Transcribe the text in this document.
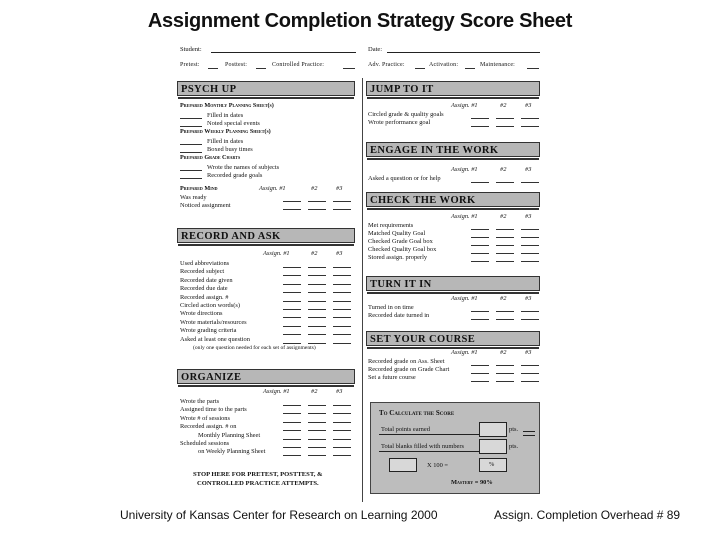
Assignment Completion Strategy Score Sheet
Student:	Date:
Pretest:	Posttest:	Controlled Practice:	Adv. Practice:	Activation:	Maintenance:
PSYCH UP
Prepared Monthly Planning Sheet(s)
Filled in dates
Noted special events
Prepared Weekly Planning Sheet(s)
Filled in dates
Boxed busy times
Prepared Grade Charts
Wrote the names of subjects
Recorded grade goals
Prepared Mind	Assign. #1	#2	#3
Was ready
Noticed assignment
RECORD AND ASK
Assign. #1	#2	#3
Used abbreviations
Recorded subject
Recorded date given
Recorded due date
Recorded assign. #
Circled action words(s)
Wrote directions
Wrote materials/resources
Wrote grading criteria
Asked at least one question
(only one question needed for each set of assignments)
ORGANIZE
Assign. #1	#2	#3
Wrote the parts
Assigned time to the parts
Wrote # of sessions
Recorded assign. # on
Monthly Planning Sheet
Scheduled sessions
on Weekly Planning Sheet
STOP HERE FOR PRETEST, POSTTEST, &
CONTROLLED PRACTICE ATTEMPTS.
JUMP TO IT
Assign. #1	#2	#3
Circled grade & quality goals
Wrote performance goal
ENGAGE IN THE WORK
Assign. #1	#2	#3
Asked a question or for help
CHECK THE WORK
Assign. #1	#2	#3
Met requirements
Matched Quality Goal
Checked Grade Goal box
Checked Quality Goal box
Stored assign. properly
TURN IT IN
Assign. #1	#2	#3
Turned in on time
Recorded date turned in
SET YOUR COURSE
Assign. #1	#2	#3
Recorded grade on Ass. Sheet
Recorded grade on Grade Chart
Set a future course
To Calculate the Score
Total points earned	pts.
Total blanks filled with numbers	pts.
X 100 =	%
Mastery = 90%
University of Kansas Center for Research on Learning 2000	Assign. Completion Overhead # 89
